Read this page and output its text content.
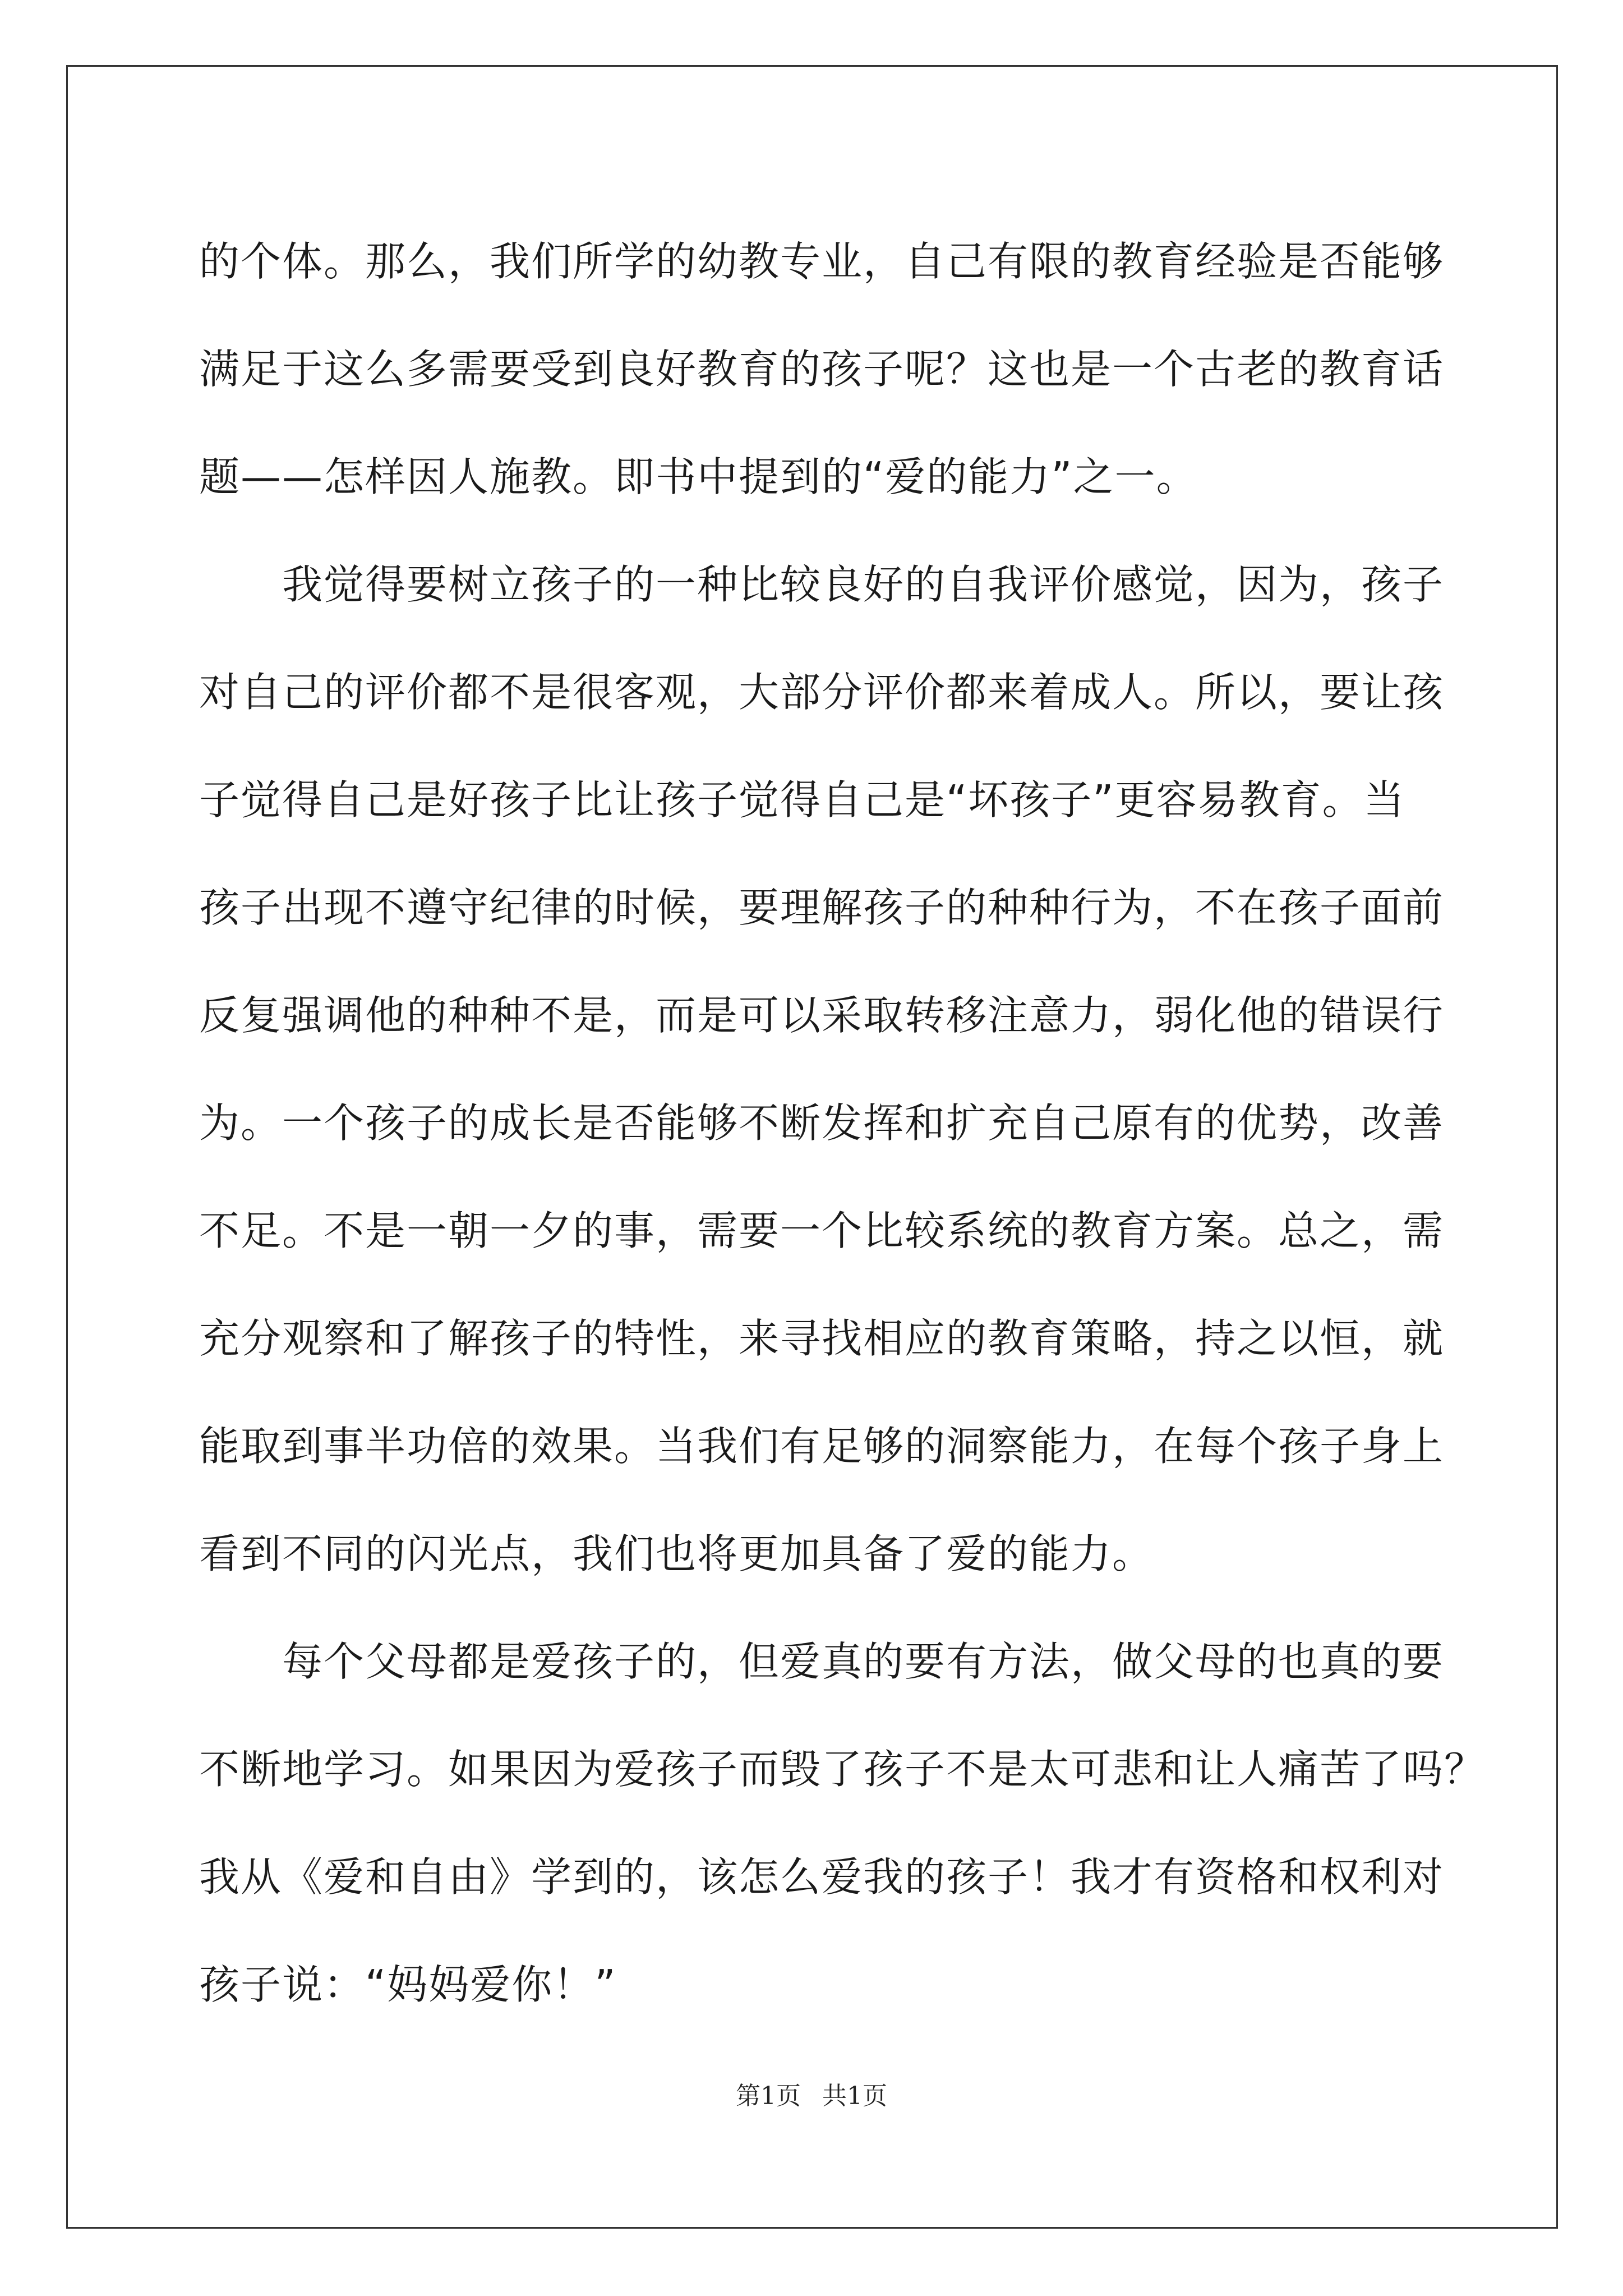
的个体。那么，我们所学的幼教专业，自己有限的教育经验是否能够
满足于这么多需要受到良好教育的孩子呢？这也是一个古老的教育话
题——怎样因人施教。即书中提到的“爱的能力”之一。
　　我觉得要树立孩子的一种比较良好的自我评价感觉，因为，孩子
对自己的评价都不是很客观，大部分评价都来着成人。所以，要让孩
子觉得自己是好孩子比让孩子觉得自己是“坏孩子”更容易教育。当
孩子出现不遵守纪律的时候，要理解孩子的种种行为，不在孩子面前
反复强调他的种种不是，而是可以采取转移注意力，弱化他的错误行
为。一个孩子的成长是否能够不断发挥和扩充自己原有的优势，改善
不足。不是一朝一夕的事，需要一个比较系统的教育方案。总之，需
充分观察和了解孩子的特性，来寻找相应的教育策略，持之以恒，就
能取到事半功倍的效果。当我们有足够的洞察能力，在每个孩子身上
看到不同的闪光点，我们也将更加具备了爱的能力。
　　每个父母都是爱孩子的，但爱真的要有方法，做父母的也真的要
不断地学习。如果因为爱孩子而毁了孩子不是太可悲和让人痛苦了吗？
我从《爱和自由》学到的，该怎么爱我的孩子！我才有资格和权利对
孩子说：“妈妈爱你！”
第1页 共1页
